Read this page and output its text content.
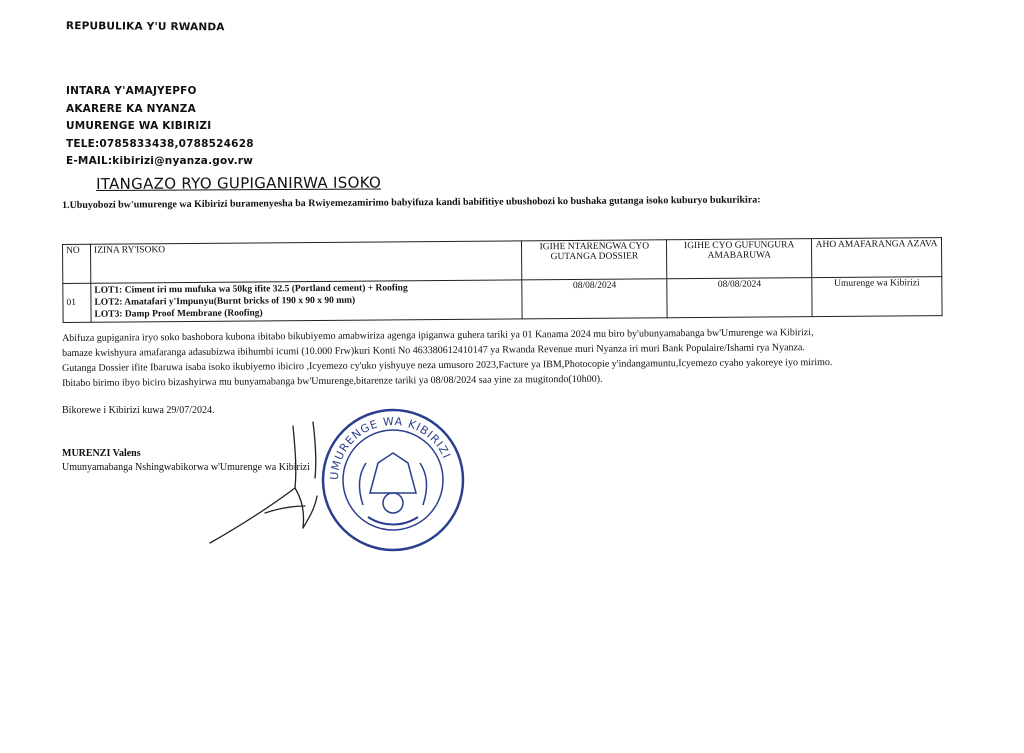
REPUBULIKA Y'U RWANDA
INTARA Y'AMAJYEPFO
AKARERE KA NYANZA
UMURENGE WA KIBIRIZI
TELE:0785833438,0788524628
E-MAIL:kibirizi@nyanza.gov.rw
ITANGAZO RYO GUPIGANIRWA ISOKO
1.Ubuyobozi bw'umurenge wa Kibirizi buramenyesha ba Rwiyemezamirimo babyifuza kandi babifitiye ubushobozi ko bushaka gutanga isoko kuburyo bukurikira:
NO	IZINA RY'ISOKO	IGIHE NTARENGWA CYO GUTANGA DOSSIER	IGIHE CYO GUFUNGURA AMABARUWA	AHO AMAFARANGA AZAVA
01	LOT1: Ciment iri mu mufuka wa 50kg ifite 32.5 (Portland cement) + Roofing
LOT2: Amatafari y'Impunyu(Burnt bricks of 190 x 90 x 90 mm)
LOT3: Damp Proof Membrane (Roofing)	08/08/2024	08/08/2024	Umurenge wa Kibirizi
Abifuza gupiganira iryo soko bashobora kubona ibitabo bikubiyemo amabwiriza agenga ipiganwa guhera tariki ya 01 Kanama 2024 mu biro by'ubunyamabanga bw'Umurenge wa Kibirizi,
bamaze kwishyura amafaranga adasubizwa ibihumbi icumi (10.000 Frw)kuri Konti No 463380612410147 ya Rwanda Revenue muri Nyanza iri muri Bank Populaire/Ishami rya Nyanza.
Gutanga Dossier ifite Ibaruwa isaba isoko ikubiyemo ibiciro ,Icyemezo cy'uko yishyuye neza umusoro 2023,Facture ya IBM,Photocopie y'indangamuntu,Icyemezo cyaho yakoreye iyo mirimo.
Ibitabo birimo ibyo biciro bizashyirwa mu bunyamabanga bw'Umurenge,bitarenze tariki ya 08/08/2024 saa yine za mugitondo(10h00).
Bikorewe i Kibirizi kuwa 29/07/2024.
MURENZI Valens
Umunyamabanga Nshingwabikorwa w'Umurenge wa Kibirizi
UMURENGE WA KIBIRIZI
